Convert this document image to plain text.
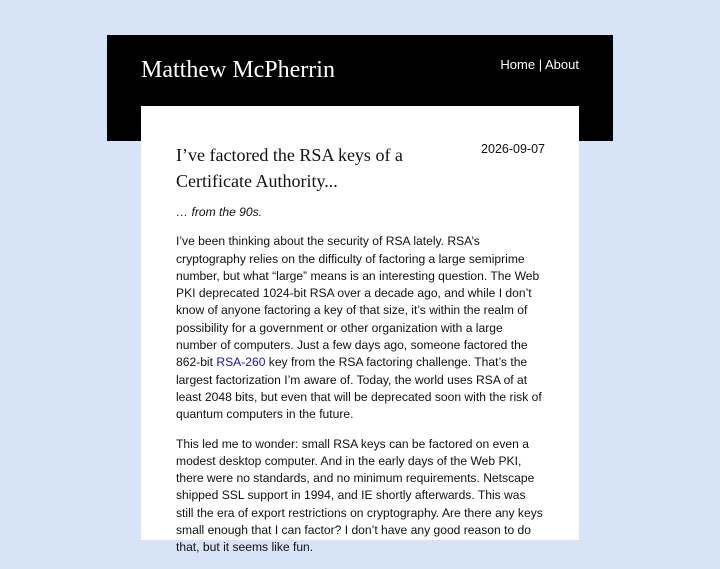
Matthew McPherrin	Home | About
I’ve factored the RSA keys of a Certificate Authority...
2026-09-07

… from the 90s.

I’ve been thinking about the security of RSA lately. RSA’s cryptography relies on the difficulty of factoring a large semiprime number, but what “large” means is an interesting question. The Web PKI deprecated 1024-bit RSA over a decade ago, and while I don’t know of anyone factoring a key of that size, it’s within the realm of possibility for a government or other organization with a large number of computers. Just a few days ago, someone factored the 862-bit RSA-260 key from the RSA factoring challenge. That’s the largest factorization I’m aware of. Today, the world uses RSA of at least 2048 bits, but even that will be deprecated soon with the risk of quantum computers in the future.

This led me to wonder: small RSA keys can be factored on even a modest desktop computer. And in the early days of the Web PKI, there were no standards, and no minimum requirements. Netscape shipped SSL support in 1994, and IE shortly afterwards. This was still the era of export restrictions on cryptography. Are there any keys small enough that I can factor? I don’t have any good reason to do that, but it seems like fun.
